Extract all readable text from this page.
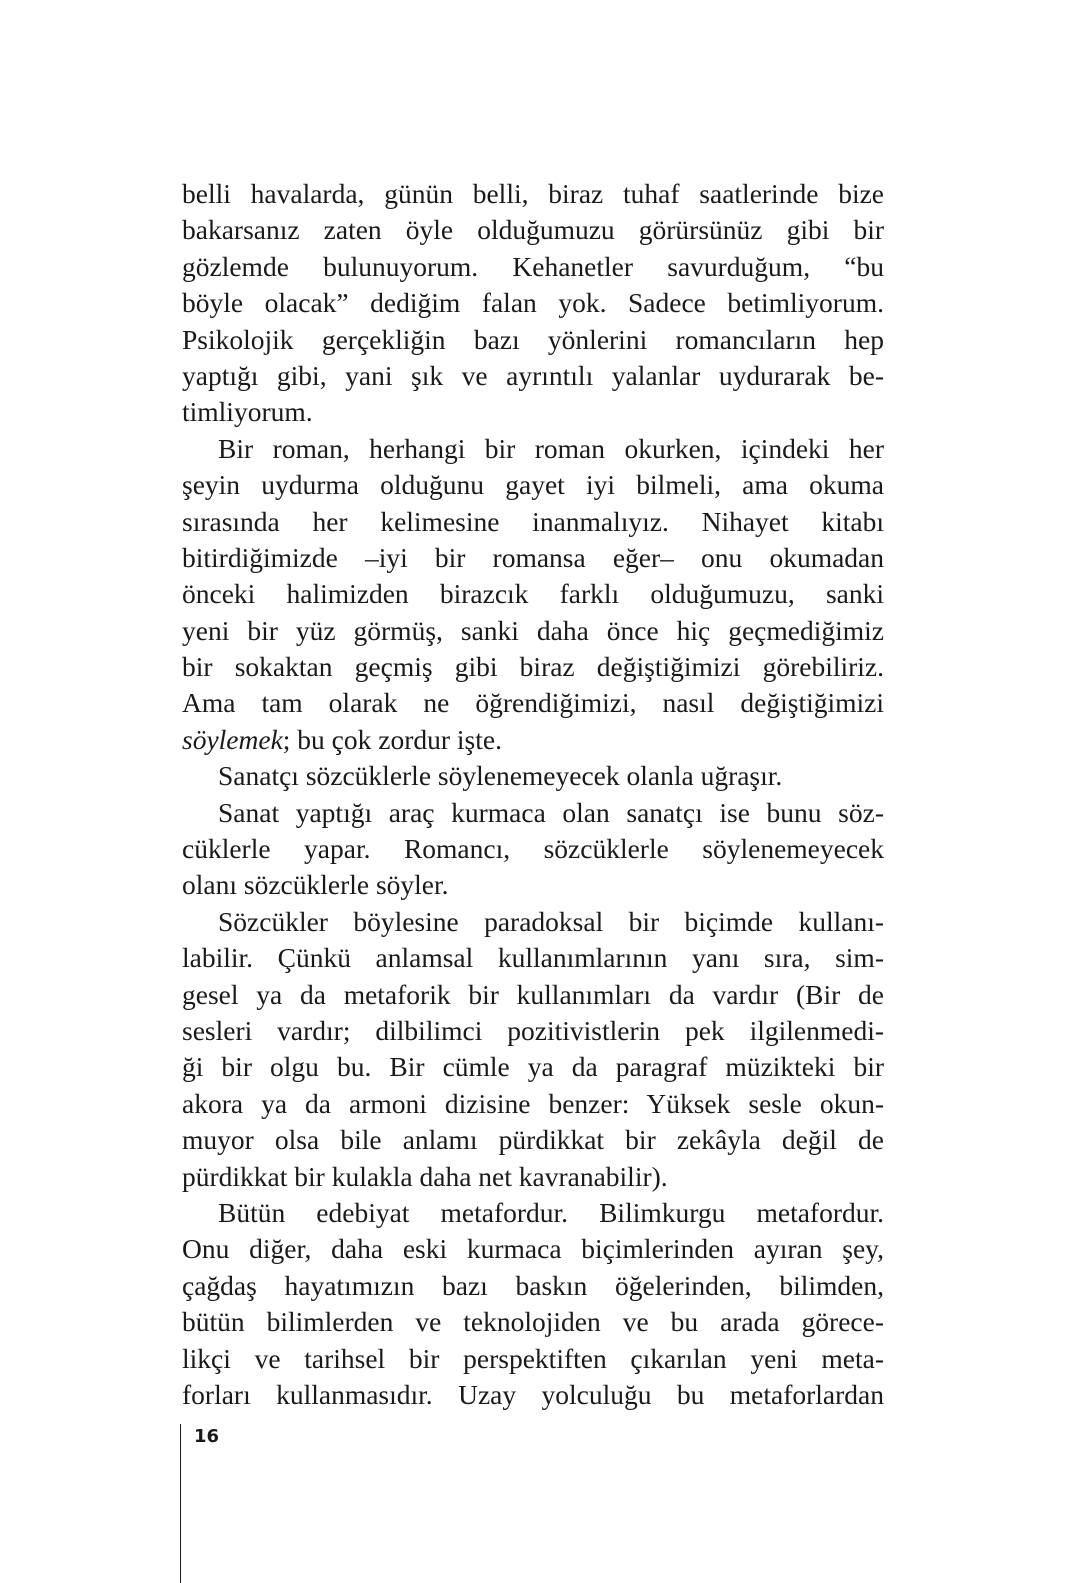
belli havalarda, günün belli, biraz tuhaf saatlerinde bize
bakarsanız zaten öyle olduğumuzu görürsünüz gibi bir
gözlemde bulunuyorum. Kehanetler savurduğum, “bu
böyle olacak” dediğim falan yok. Sadece betimliyorum.
Psikolojik gerçekliğin bazı yönlerini romancıların hep
yaptığı gibi, yani şık ve ayrıntılı yalanlar uydurarak be-
timliyorum.
Bir roman, herhangi bir roman okurken, içindeki her
şeyin uydurma olduğunu gayet iyi bilmeli, ama okuma
sırasında her kelimesine inanmalıyız. Nihayet kitabı
bitirdiğimizde –iyi bir romansa eğer– onu okumadan
önceki halimizden birazcık farklı olduğumuzu, sanki
yeni bir yüz görmüş, sanki daha önce hiç geçmediğimiz
bir sokaktan geçmiş gibi biraz değiştiğimizi görebiliriz.
Ama tam olarak ne öğrendiğimizi, nasıl değiştiğimizi
söylemek; bu çok zordur işte.
Sanatçı sözcüklerle söylenemeyecek olanla uğraşır.
Sanat yaptığı araç kurmaca olan sanatçı ise bunu söz-
cüklerle yapar. Romancı, sözcüklerle söylenemeyecek
olanı sözcüklerle söyler.
Sözcükler böylesine paradoksal bir biçimde kullanı-
labilir. Çünkü anlamsal kullanımlarının yanı sıra, sim-
gesel ya da metaforik bir kullanımları da vardır (Bir de
sesleri vardır; dilbilimci pozitivistlerin pek ilgilenmedi-
ği bir olgu bu. Bir cümle ya da paragraf müzikteki bir
akora ya da armoni dizisine benzer: Yüksek sesle okun-
muyor olsa bile anlamı pürdikkat bir zekâyla değil de
pürdikkat bir kulakla daha net kavranabilir).
Bütün edebiyat metafordur. Bilimkurgu metafordur.
Onu diğer, daha eski kurmaca biçimlerinden ayıran şey,
çağdaş hayatımızın bazı baskın öğelerinden, bilimden,
bütün bilimlerden ve teknolojiden ve bu arada görece-
likçi ve tarihsel bir perspektiften çıkarılan yeni meta-
forları kullanmasıdır. Uzay yolculuğu bu metaforlardan
16
